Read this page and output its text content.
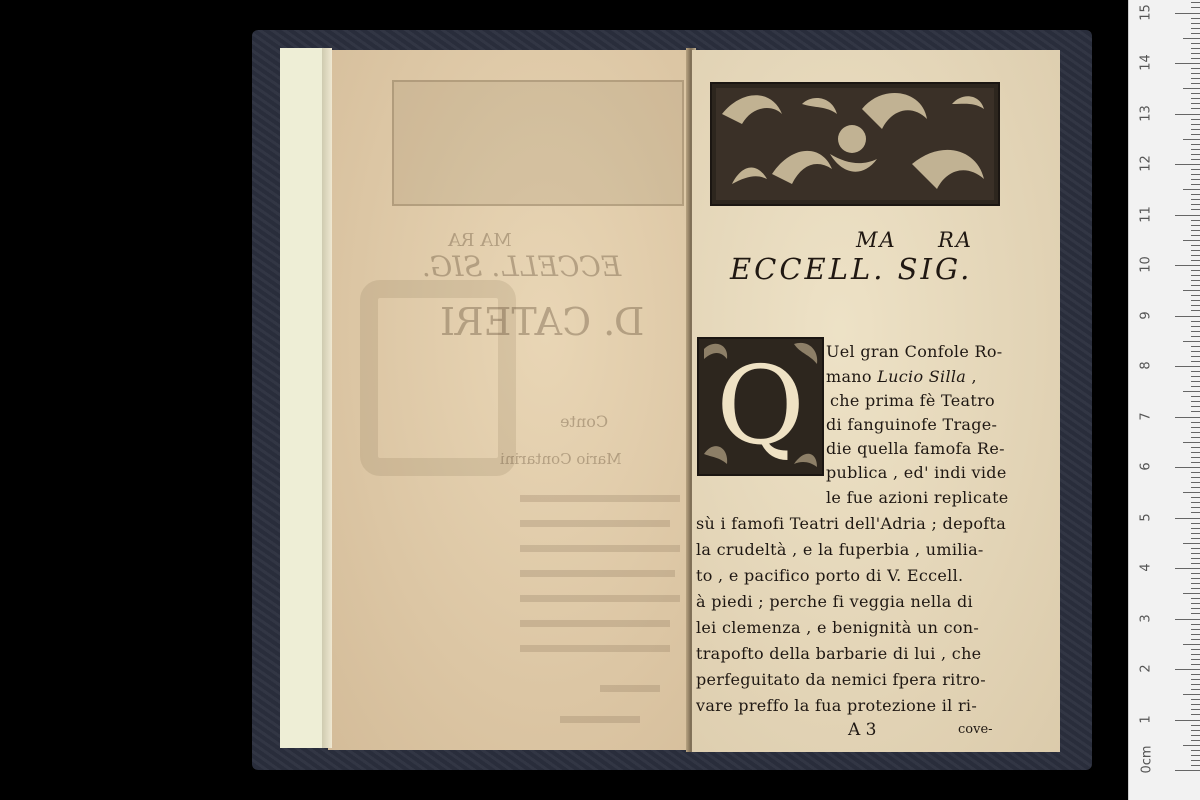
MA RA
ECCELL. SIG.
D. CATERI
Conte
Mario Contarini
MA RA
ECCELL. SIG.
Q	Uel gran Confole Ro-
mano Lucio Silla ,
che prima fè Teatro
di fanguinofe Trage-
die quella famofa Re-
publica , ed' indi vide
le fue azioni replicate
sù i famofi Teatri dell'Adria ; depofta
la crudeltà , e la fuperbia , umilia-
to , e pacifico porto di V. Eccell.
à piedi ; perche fi veggia nella di
lei clemenza , e benignità un con-
trapofto della barbarie di lui , che
perfeguitato da nemici fpera ritro-
vare preffo la fua protezione il ri-
A 3	cove-
1
2
3
4
5
6
7
8
9
10
11
12
13
14
15
0cm
